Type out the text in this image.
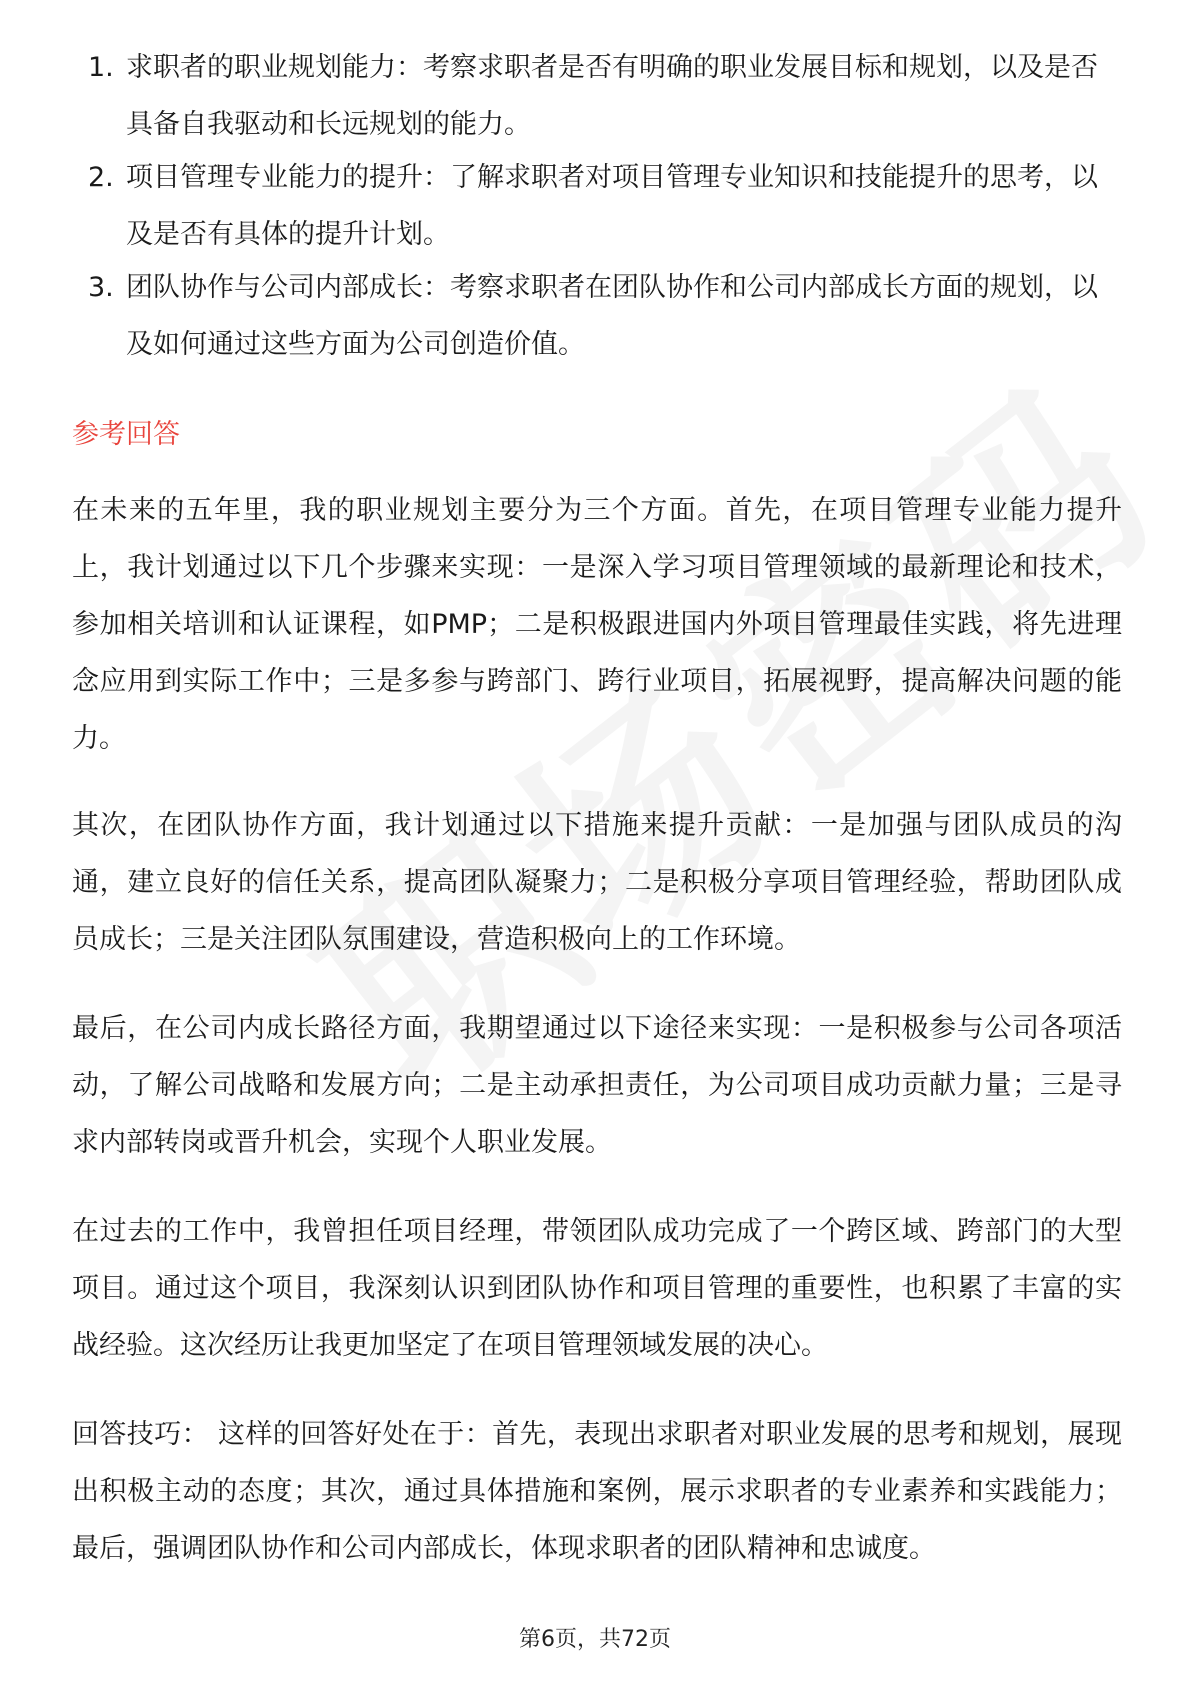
1. 求职者的职业规划能力：考察求职者是否有明确的职业发展目标和规划，以及是否具备自我驱动和长远规划的能力。
2. 项目管理专业能力的提升：了解求职者对项目管理专业知识和技能提升的思考，以及是否有具体的提升计划。
3. 团队协作与公司内部成长：考察求职者在团队协作和公司内部成长方面的规划，以及如何通过这些方面为公司创造价值。
参考回答

在未来的五年里，我的职业规划主要分为三个方面。首先，在项目管理专业能力提升上，我计划通过以下几个步骤来实现：一是深入学习项目管理领域的最新理论和技术，参加相关培训和认证课程，如PMP；二是积极跟进国内外项目管理最佳实践，将先进理念应用到实际工作中；三是多参与跨部门、跨行业项目，拓展视野，提高解决问题的能力。

其次，在团队协作方面，我计划通过以下措施来提升贡献：一是加强与团队成员的沟通，建立良好的信任关系，提高团队凝聚力；二是积极分享项目管理经验，帮助团队成员成长；三是关注团队氛围建设，营造积极向上的工作环境。

最后，在公司内成长路径方面，我期望通过以下途径来实现：一是积极参与公司各项活动，了解公司战略和发展方向；二是主动承担责任，为公司项目成功贡献力量；三是寻求内部转岗或晋升机会，实现个人职业发展。

在过去的工作中，我曾担任项目经理，带领团队成功完成了一个跨区域、跨部门的大型项目。通过这个项目，我深刻认识到团队协作和项目管理的重要性，也积累了丰富的实战经验。这次经历让我更加坚定了在项目管理领域发展的决心。

回答技巧： 这样的回答好处在于：首先，表现出求职者对职业发展的思考和规划，展现出积极主动的态度；其次，通过具体措施和案例，展示求职者的专业素养和实践能力；最后，强调团队协作和公司内部成长，体现求职者的团队精神和忠诚度。

第6页，共72页
